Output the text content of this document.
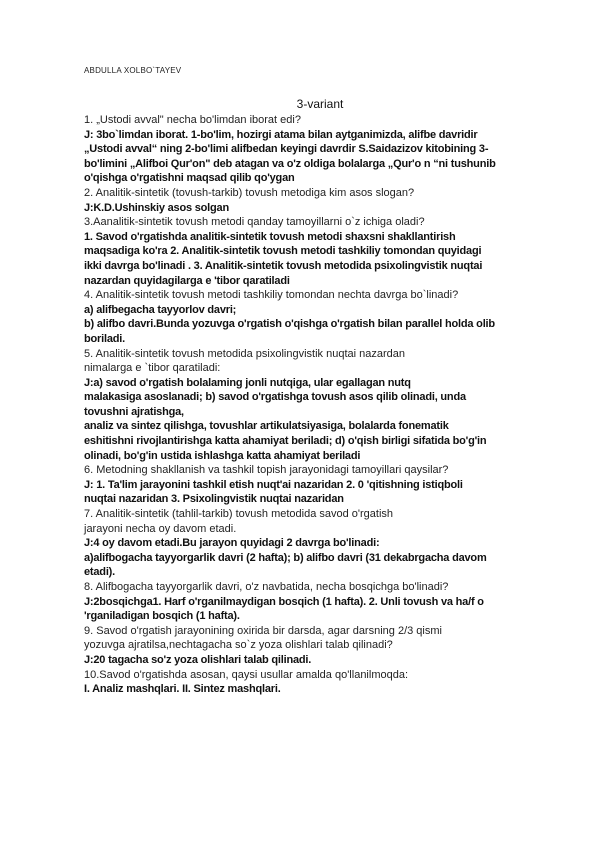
ABDULLA XOLBO`TAYEV
3-variant

1. „Ustodi avval" necha bo'limdan iborat edi?

J: 3bo`limdan iborat. 1-bo'lim, hozirgi atama bilan aytganimizda, alifbe davridir

„Ustodi avval“ ning 2-bo'limi alifbedan keyingi davrdir S.Saidazizov kitobining 3-

bo'limini „Alifboi Qur'on" deb atagan va o'z oldiga bolalarga „Qur'o n “ni tushunib

o'qishga o'rgatishni maqsad qilib qo'ygan

2. Analitik-sintetik (tovush-tarkib) tovush metodiga kim asos slogan?

J:K.D.Ushinskiy asos solgan

3.Aanalitik-sintetik tovush metodi qanday tamoyillarni o`z ichiga oladi?

1. Savod o'rgatishda analitik-sintetik tovush metodi shaxsni shakllantirish

maqsadiga ko'ra 2. Analitik-sintetik tovush metodi tashkiliy tomondan quyidagi

ikki davrga bo'linadi . 3. Analitik-sintetik tovush metodida psixolingvistik nuqtai

nazardan quyidagilarga e 'tibor qaratiladi

4. Analitik-sintetik tovush metodi tashkiliy tomondan nechta davrga bo`linadi?

a) alifbegacha tayyorlov davri;

b) alifbo davri.Bunda yozuvga o'rgatish o'qishga o'rgatish bilan parallel holda olib

boriladi.

5. Analitik-sintetik tovush metodida psixolingvistik nuqtai nazardan

nimalarga e `tibor qaratiladi:

J:a) savod o'rgatish bolalaming jonli nutqiga, ular egallagan nutq

malakasiga asoslanadi; b) savod o'rgatishga tovush asos qilib olinadi, unda

tovushni ajratishga,

analiz va sintez qilishga, tovushlar artikulatsiyasiga, bolalarda fonematik

eshitishni rivojlantirishga katta ahamiyat beriladi; d) o'qish birligi sifatida bo'g'in

olinadi, bo'g'in ustida ishlashga katta ahamiyat beriladi

6. Metodning shakllanish va tashkil topish jarayonidagi tamoyillari qaysilar?

J: 1. Ta'lim jarayonini tashkil etish nuqt'ai nazaridan 2. 0 'qitishning istiqboli

nuqtai nazaridan 3. Psixolingvistik nuqtai nazaridan

7. Analitik-sintetik (tahlil-tarkib) tovush metodida savod o'rgatish

jarayoni necha oy davom etadi.

J:4 oy davom etadi.Bu jarayon quyidagi 2 davrga bo'linadi:

a)alifbogacha tayyorgarlik davri (2 hafta); b) alifbo davri (31 dekabrgacha davom

etadi).

8. Alifbogacha tayyorgarlik davri, o'z navbatida, necha bosqichga bo'linadi?

J:2bosqichga1. Harf o'rganilmaydigan bosqich (1 hafta). 2. Unli tovush va ha/f o

'rganiladigan bosqich (1 hafta).

9. Savod o'rgatish jarayonining oxirida bir darsda, agar darsning 2/3 qismi

yozuvga ajratilsa,nechtagacha so`z yoza olishlari talab qilinadi?

J:20 tagacha so'z yoza olishlari talab qilinadi.

10.Savod o'rgatishda asosan, qaysi usullar amalda qo'llanilmoqda:

I. Analiz mashqlari. II. Sintez mashqlari.
